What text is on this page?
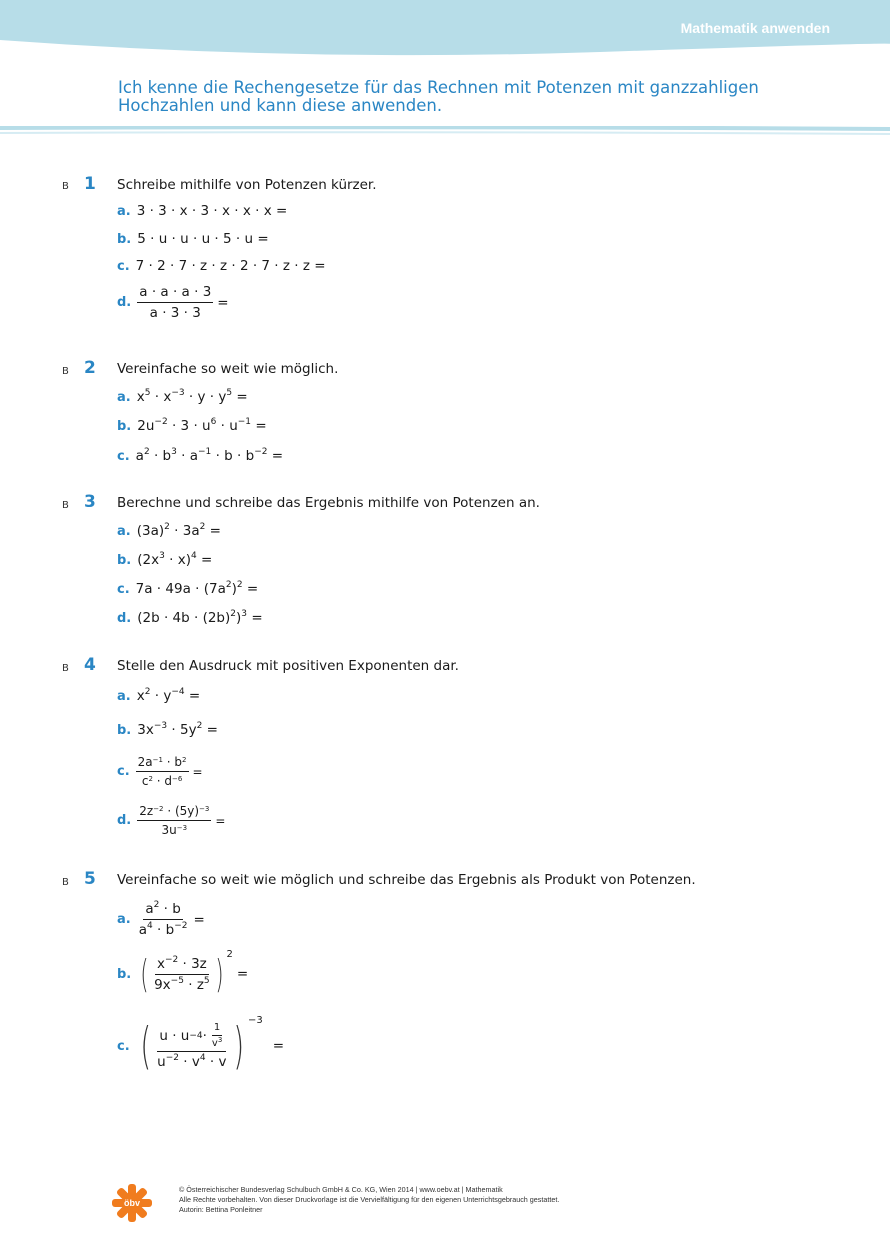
Mathematik anwenden
Ich kenne die Rechengesetze für das Rechnen mit Potenzen mit ganzzahligen Hochzahlen und kann diese anwenden.
B 1 Schreibe mithilfe von Potenzen kürzer.
a. 3 · 3 · x · 3 · x · x · x =
b. 5 · u · u · u · 5 · u =
c. 7 · 2 · 7 · z · z · 2 · 7 · z · z =
d. $\frac{a \cdot a \cdot a \cdot 3}{a \cdot 3 \cdot 3}$ =
B 2 Vereinfache so weit wie möglich.
a. $x^5 \cdot x^{-3} \cdot y \cdot y^5$ =
b. $2u^{-2} \cdot 3 \cdot u^6 \cdot u^{-1}$ =
c. $a^2 \cdot b^3 \cdot a^{-1} \cdot b \cdot b^{-2}$ =
B 3 Berechne und schreibe das Ergebnis mithilfe von Potenzen an.
a. $(3a)^2 \cdot 3a^2$ =
b. $(2x^3 \cdot x)^4$ =
c. $7a \cdot 49a \cdot (7a^2)^2$ =
d. $(2b \cdot 4b \cdot (2b)^2)^3$ =
B 4 Stelle den Ausdruck mit positiven Exponenten dar.
a. $x^2 \cdot y^{-4}$ =
b. $3x^{-3} \cdot 5y^2$ =
c. $\frac{2a^{-1} \cdot b^2}{c^2 \cdot d^{-6}}$ =
d. $\frac{2z^{-2} \cdot (5y)^{-3}}{3u^{-3}}$ =
B 5 Vereinfache so weit wie möglich und schreibe das Ergebnis als Produkt von Potenzen.
a. $\frac{a^2 \cdot b}{a^4 \cdot b^{-2}}$ =
b. ( $\frac{x^{-2} \cdot 3z}{9x^{-5} \cdot z^5}$ ) 2
=
c. ( $\frac{u \cdot u -4 \cdot \frac{1}{v^3}}{u^{-2} \cdot v^4 \cdot v}$ ) −3
=
öbv
© Österreichischer Bundesverlag Schulbuch GmbH & Co. KG, Wien 2014 | www.oebv.at | Mathematik
Alle Rechte vorbehalten. Von dieser Druckvorlage ist die Vervielfältigung für den eigenen Unterrichtsgebrauch gestattet.
Autorin: Bettina Ponleitner
